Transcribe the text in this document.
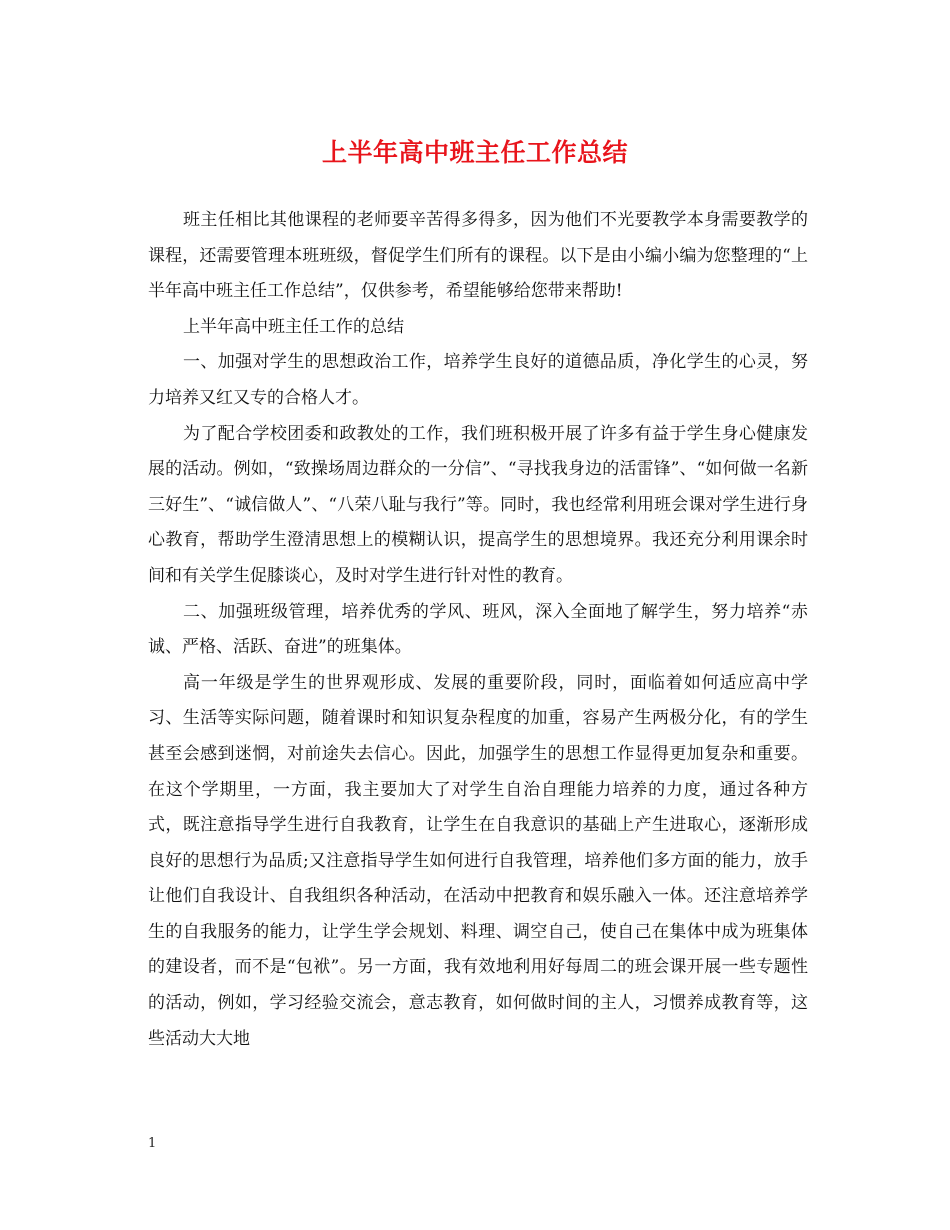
上半年高中班主任工作总结

班主任相比其他课程的老师要辛苦得多得多，因为他们不光要教学本身需要教学的课程，还需要管理本班班级，督促学生们所有的课程。以下是由小编小编为您整理的“上半年高中班主任工作总结”，仅供参考，希望能够给您带来帮助!

上半年高中班主任工作的总结

一、加强对学生的思想政治工作，培养学生良好的道德品质，净化学生的心灵，努力培养又红又专的合格人才。

为了配合学校团委和政教处的工作，我们班积极开展了许多有益于学生身心健康发展的活动。例如，“致操场周边群众的一分信”、“寻找我身边的活雷锋”、“如何做一名新三好生”、“诚信做人”、“八荣八耻与我行”等。同时，我也经常利用班会课对学生进行身心教育，帮助学生澄清思想上的模糊认识，提高学生的思想境界。我还充分利用课余时间和有关学生促膝谈心，及时对学生进行针对性的教育。

二、加强班级管理，培养优秀的学风、班风，深入全面地了解学生，努力培养“赤诚、严格、活跃、奋进”的班集体。

高一年级是学生的世界观形成、发展的重要阶段，同时，面临着如何适应高中学习、生活等实际问题，随着课时和知识复杂程度的加重，容易产生两极分化，有的学生甚至会感到迷惘，对前途失去信心。因此，加强学生的思想工作显得更加复杂和重要。在这个学期里，一方面，我主要加大了对学生自治自理能力培养的力度，通过各种方式，既注意指导学生进行自我教育，让学生在自我意识的基础上产生进取心，逐渐形成良好的思想行为品质;又注意指导学生如何进行自我管理，培养他们多方面的能力，放手让他们自我设计、自我组织各种活动，在活动中把教育和娱乐融入一体。还注意培养学生的自我服务的能力，让学生学会规划、料理、调空自己，使自己在集体中成为班集体的建设者，而不是“包袱”。另一方面，我有效地利用好每周二的班会课开展一些专题性的活动，例如，学习经验交流会，意志教育，如何做时间的主人，习惯养成教育等，这些活动大大地

1
